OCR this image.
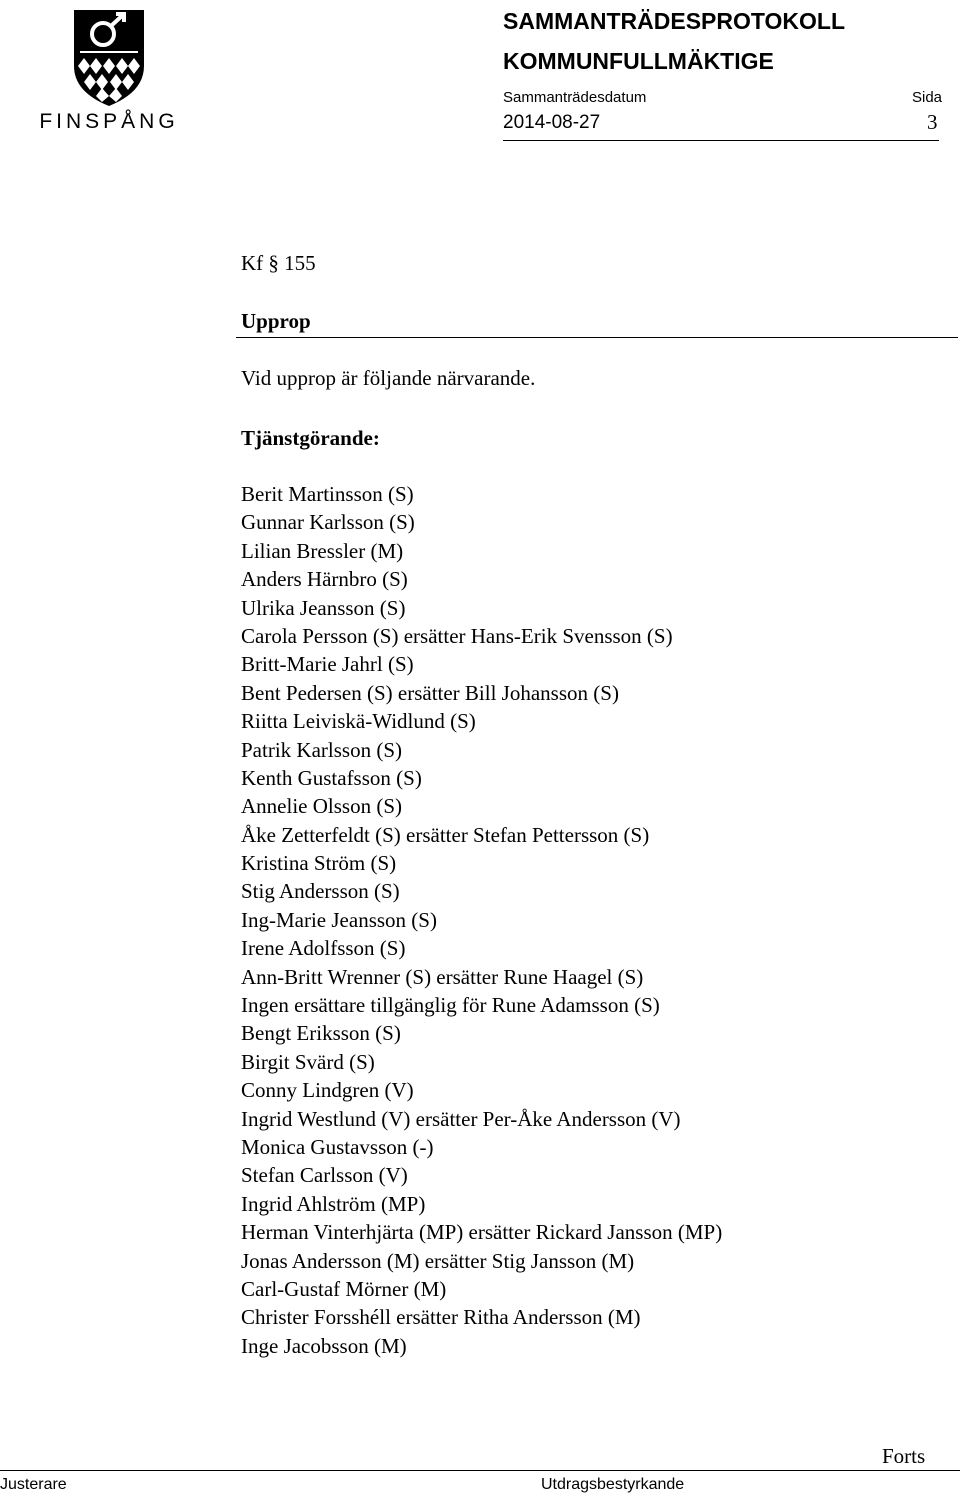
FINSPÅNG
SAMMANTRÄDESPROTOKOLL
KOMMUNFULLMÄKTIGE
Sammanträdesdatum
2014-08-27
Sida
3
Kf § 155
Upprop
Vid upprop är följande närvarande.
Tjänstgörande:
Berit Martinsson (S)
Gunnar Karlsson (S)
Lilian Bressler (M)
Anders Härnbro (S)
Ulrika Jeansson (S)
Carola Persson (S) ersätter Hans-Erik Svensson (S)
Britt-Marie Jahrl (S)
Bent Pedersen (S) ersätter Bill Johansson (S)
Riitta Leiviskä-Widlund (S)
Patrik Karlsson (S)
Kenth Gustafsson (S)
Annelie Olsson (S)
Åke Zetterfeldt (S) ersätter Stefan Pettersson (S)
Kristina Ström (S)
Stig Andersson (S)
Ing-Marie Jeansson (S)
Irene Adolfsson (S)
Ann-Britt Wrenner (S) ersätter Rune Haagel (S)
Ingen ersättare tillgänglig för Rune Adamsson (S)
Bengt Eriksson (S)
Birgit Svärd (S)
Conny Lindgren (V)
Ingrid Westlund (V) ersätter Per-Åke Andersson (V)
Monica Gustavsson (-)
Stefan Carlsson (V)
Ingrid Ahlström (MP)
Herman Vinterhjärta (MP) ersätter Rickard Jansson (MP)
Jonas Andersson (M) ersätter Stig Jansson (M)
Carl-Gustaf Mörner (M)
Christer Forsshéll ersätter Ritha Andersson (M)
Inge Jacobsson (M)
Forts
Justerare	Utdragsbestyrkande
